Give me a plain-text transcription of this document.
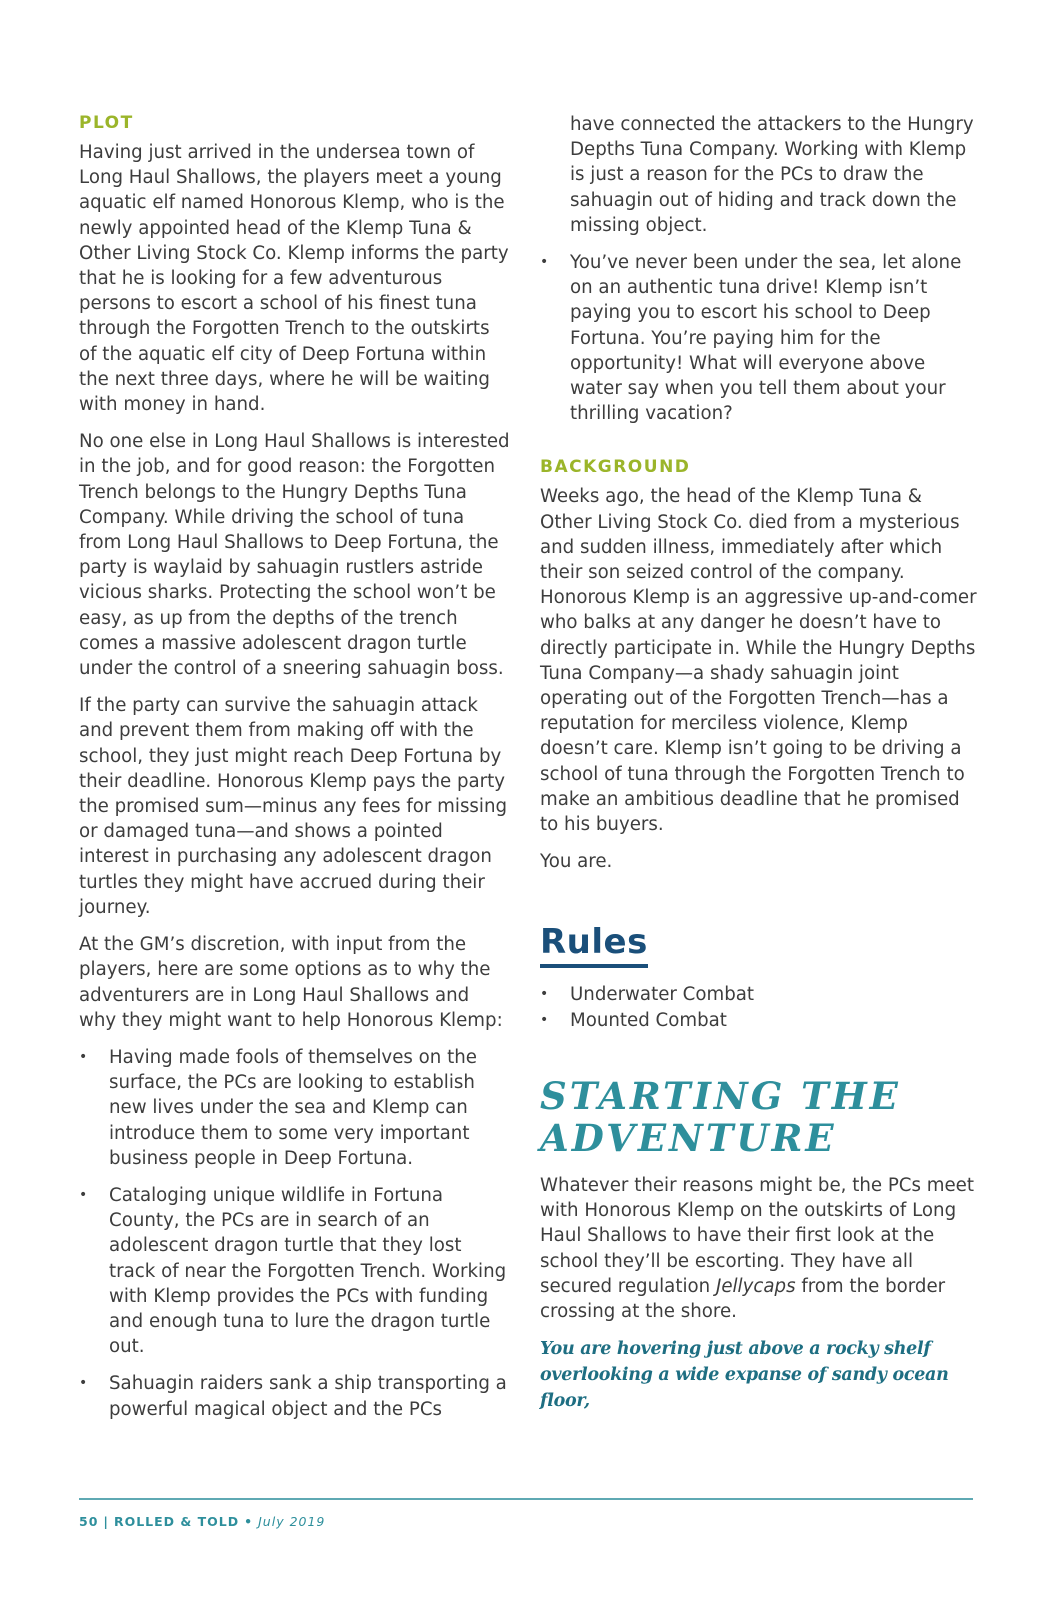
PLOT

Having just arrived in the undersea town of Long Haul Shallows, the players meet a young aquatic elf named Honorous Klemp, who is the newly appointed head of the Klemp Tuna & Other Living Stock Co. Klemp informs the party that he is looking for a few adventurous persons to escort a school of his finest tuna through the Forgotten Trench to the outskirts of the aquatic elf city of Deep Fortuna within the next three days, where he will be waiting with money in hand.

No one else in Long Haul Shallows is interested in the job, and for good reason: the Forgotten Trench belongs to the Hungry Depths Tuna Company. While driving the school of tuna from Long Haul Shallows to Deep Fortuna, the party is waylaid by sahuagin rustlers astride vicious sharks. Protecting the school won’t be easy, as up from the depths of the trench comes a massive adolescent dragon turtle under the control of a sneering sahuagin boss.

If the party can survive the sahuagin attack and prevent them from making off with the school, they just might reach Deep Fortuna by their deadline. Honorous Klemp pays the party the promised sum—minus any fees for missing or damaged tuna—and shows a pointed interest in purchasing any adolescent dragon turtles they might have accrued during their journey.

At the GM’s discretion, with input from the players, here are some options as to why the adventurers are in Long Haul Shallows and why they might want to help Honorous Klemp:

• Having made fools of themselves on the surface, the PCs are looking to establish new lives under the sea and Klemp can introduce them to some very important business people in Deep Fortuna.
• Cataloging unique wildlife in Fortuna County, the PCs are in search of an adolescent dragon turtle that they lost track of near the Forgotten Trench. Working with Klemp provides the PCs with funding and enough tuna to lure the dragon turtle out.
• Sahuagin raiders sank a ship transporting a powerful magical object and the PCs

have connected the attackers to the Hungry Depths Tuna Company. Working with Klemp is just a reason for the PCs to draw the sahuagin out of hiding and track down the missing object.

• You’ve never been under the sea, let alone on an authentic tuna drive! Klemp isn’t paying you to escort his school to Deep Fortuna. You’re paying him for the opportunity! What will everyone above water say when you tell them about your thrilling vacation?
BACKGROUND

Weeks ago, the head of the Klemp Tuna & Other Living Stock Co. died from a mysterious and sudden illness, immediately after which their son seized control of the company. Honorous Klemp is an aggressive up-and-comer who balks at any danger he doesn’t have to directly participate in. While the Hungry Depths Tuna Company—a shady sahuagin joint operating out of the Forgotten Trench—has a reputation for merciless violence, Klemp doesn’t care. Klemp isn’t going to be driving a school of tuna through the Forgotten Trench to make an ambitious deadline that he promised to his buyers.

You are.

Rules
• Underwater Combat
• Mounted Combat
STARTING THE ADVENTURE

Whatever their reasons might be, the PCs meet with Honorous Klemp on the outskirts of Long Haul Shallows to have their first look at the school they’ll be escorting. They have all secured regulation Jellycaps from the border crossing at the shore.

You are hovering just above a rocky shelf overlooking a wide expanse of sandy ocean floor,

50 | ROLLED & TOLD • July 2019
